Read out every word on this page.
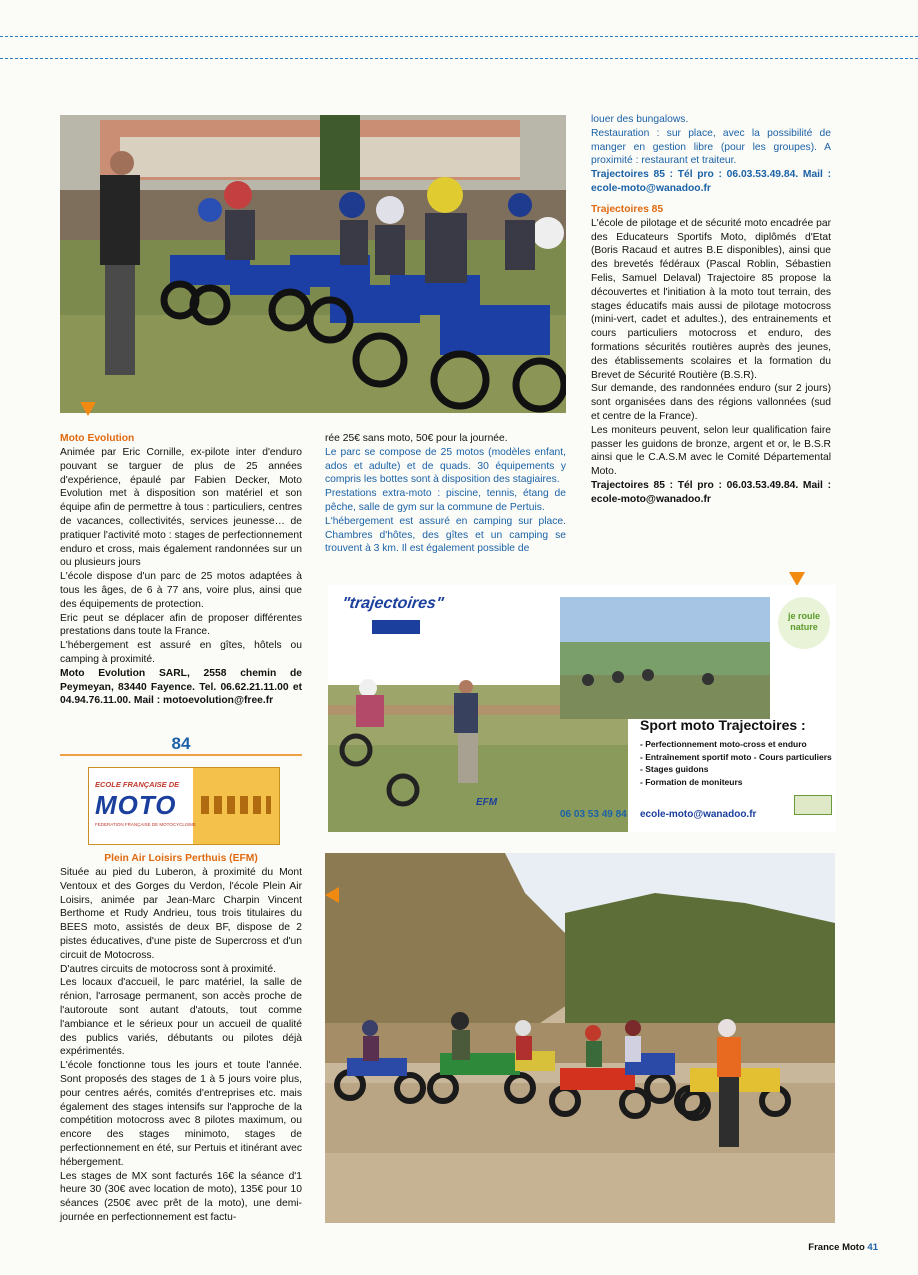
Moto Evolution

Animée par Eric Cornille, ex-pilote inter d'enduro pouvant se targuer de plus de 25 années d'expérience, épaulé par Fabien Decker, Moto Evolution met à disposition son matériel et son équipe afin de permettre à tous : particuliers, centres de vacances, collectivités, services jeunesse… de pratiquer l'activité moto : stages de perfectionnement enduro et cross, mais également randonnées sur un ou plusieurs jours

L'école dispose d'un parc de 25 motos adaptées à tous les âges, de 6 à 77 ans, voire plus, ainsi que des équipements de protection.

Eric peut se déplacer afin de proposer différentes prestations dans toute la France.

L'hébergement est assuré en gîtes, hôtels ou camping à proximité.

Moto Evolution SARL, 2558 chemin de Peymeyan, 83440 Fayence. Tel. 06.62.21.11.00 et 04.94.76.11.00. Mail : motoevolution@free.fr

84
ECOLE FRANÇAISE DE
MOTO
FEDERATION FRANÇAISE DE MOTOCYCLISME

Plein Air Loisirs Perthuis (EFM)

Située au pied du Luberon, à proximité du Mont Ventoux et des Gorges du Verdon, l'école Plein Air Loisirs, animée par Jean-Marc Charpin Vincent Berthome et Rudy Andrieu, tous trois titulaires du BEES moto, assistés de deux BF, dispose de 2 pistes éducatives, d'une piste de Supercross et d'un circuit de Motocross.

D'autres circuits de motocross sont à proximité.

Les locaux d'accueil, le parc matériel, la salle de rénion, l'arrosage permanent, son accès proche de l'autoroute sont autant d'atouts, tout comme l'ambiance et le sérieux pour un accueil de qualité des publics variés, débutants ou pilotes déjà expérimentés.

L'école fonctionne tous les jours et toute l'année. Sont proposés des stages de 1 à 5 jours voire plus, pour centres aérés, comités d'entreprises etc. mais également des stages intensifs sur l'approche de la compétition motocross avec 8 pilotes maximum, ou encore des stages minimoto, stages de perfectionnement en été, sur Pertuis et itinérant avec hébergement.

Les stages de MX sont facturés 16€ la séance d'1 heure 30 (30€ avec location de moto), 135€ pour 10 séances (250€ avec prêt de la moto), une demi-journée en perfectionnement est factu-

rée 25€ sans moto, 50€ pour la journée.

Le parc se compose de 25 motos (modèles enfant, ados et adulte) et de quads. 30 équipements y compris les bottes sont à disposition des stagiaires.

Prestations extra-moto : piscine, tennis, étang de pêche, salle de gym sur la commune de Pertuis.

L'hébergement est assuré en camping sur place. Chambres d'hôtes, des gîtes et un camping se trouvent à 3 km. Il est également possible de

louer des bungalows.

Restauration : sur place, avec la possibilité de manger en gestion libre (pour les groupes). A proximité : restaurant et traiteur.

Trajectoires 85 : Tél pro : 06.03.53.49.84. Mail : ecole-moto@wanadoo.fr

Trajectoires 85

L'école de pilotage et de sécurité moto encadrée par des Educateurs Sportifs Moto, diplômés d'Etat (Boris Racaud et autres B.E disponibles), ainsi que des brevetés fédéraux (Pascal Roblin, Sébastien Felis, Samuel Delaval) Trajectoire 85 propose la découvertes et l'initiation à la moto tout terrain, des stages éducatifs mais aussi de pilotage motocross (mini-vert, cadet et adultes.), des entrainements et cours particuliers motocross et enduro, des formations sécurités routières auprès des jeunes, des établissements scolaires et la formation du Brevet de Sécurité Routière (B.S.R).

Sur demande, des randonnées enduro (sur 2 jours) sont organisées dans des régions vallonnées (sud et centre de la France).

Les moniteurs peuvent, selon leur qualification faire passer les guidons de bronze, argent et or, le B.S.R ainsi que le C.A.S.M avec le Comité Départemental Moto.

Trajectoires 85 : Tél pro : 06.03.53.49.84. Mail : ecole-moto@wanadoo.fr

"trajectoires"
je roule nature
Sport moto Trajectoires :
- Perfectionnement moto-cross et enduro
- Entraînement sportif moto - Cours particuliers
- Stages guidons
- Formation de moniteurs
EFM
06 03 53 49 84 ecole-moto@wanadoo.fr
France Moto 41
